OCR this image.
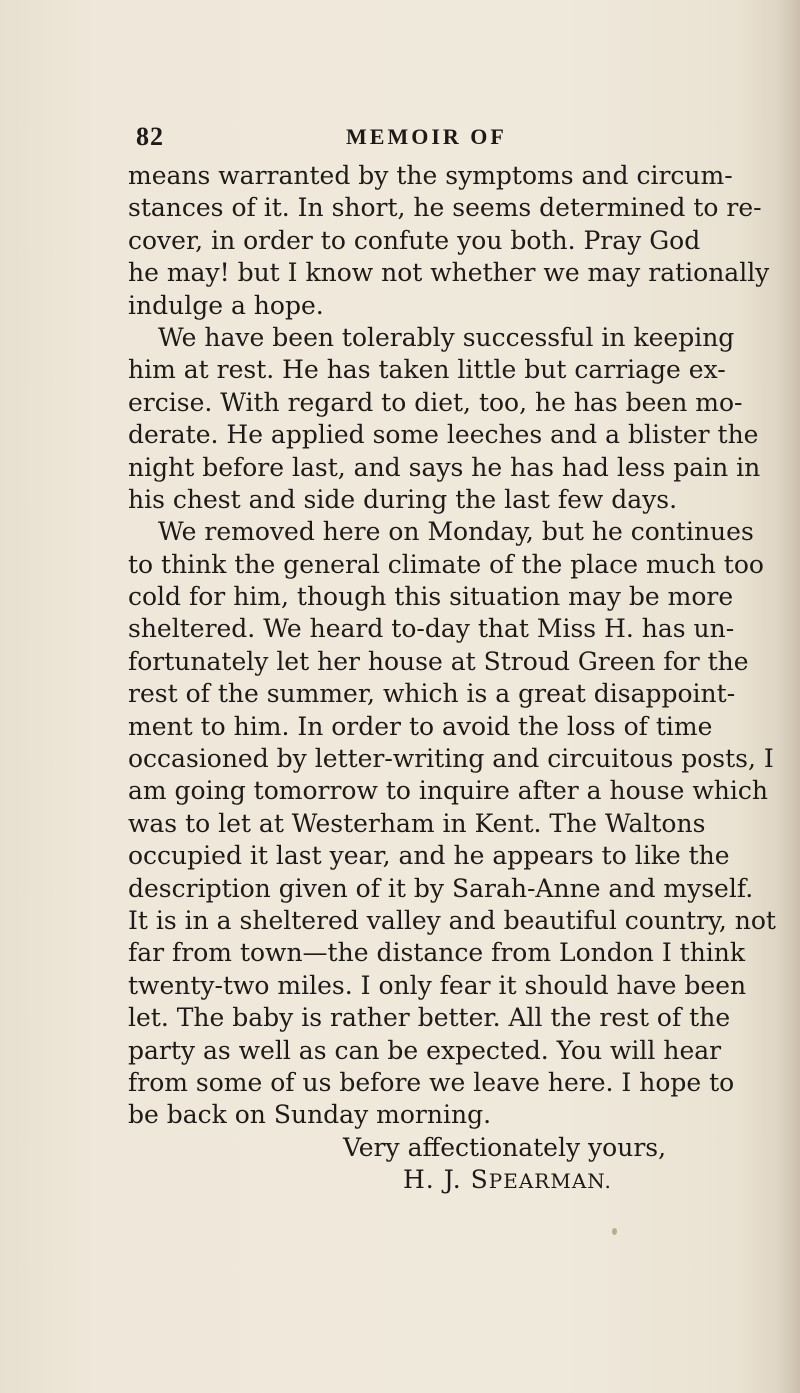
82	MEMOIR OF
means warranted by the symptoms and circum-
stances of it. In short, he seems determined to re-
cover, in order to confute you both. Pray God
he may! but I know not whether we may rationally
indulge a hope.
We have been tolerably successful in keeping
him at rest. He has taken little but carriage ex-
ercise. With regard to diet, too, he has been mo-
derate. He applied some leeches and a blister the
night before last, and says he has had less pain in
his chest and side during the last few days.
We removed here on Monday, but he continues
to think the general climate of the place much too
cold for him, though this situation may be more
sheltered. We heard to-day that Miss H. has un-
fortunately let her house at Stroud Green for the
rest of the summer, which is a great disappoint-
ment to him. In order to avoid the loss of time
occasioned by letter-writing and circuitous posts, I
am going tomorrow to inquire after a house which
was to let at Westerham in Kent. The Waltons
occupied it last year, and he appears to like the
description given of it by Sarah-Anne and myself.
It is in a sheltered valley and beautiful country, not
far from town—the distance from London I think
twenty-two miles. I only fear it should have been
let. The baby is rather better. All the rest of the
party as well as can be expected. You will hear
from some of us before we leave here. I hope to
be back on Sunday morning.
Very affectionately yours,
H. J. SPEARMAN.
